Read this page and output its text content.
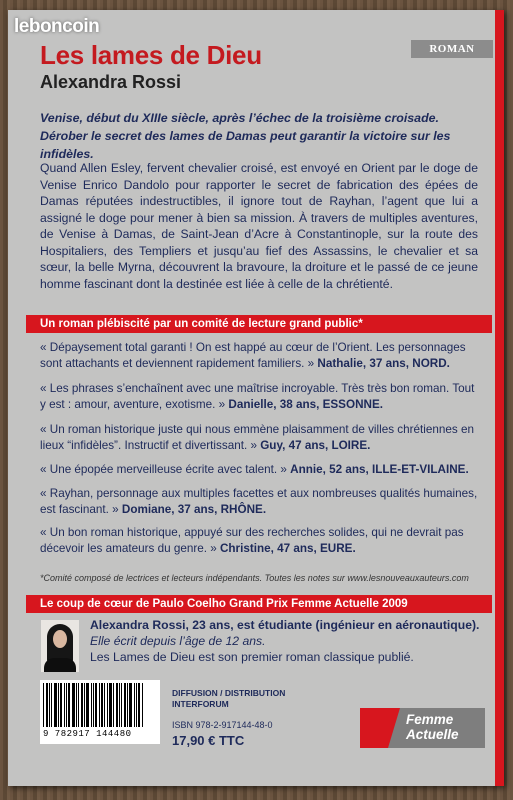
ROMAN
Les lames de Dieu
Alexandra Rossi
Venise, début du XIIIe siècle, après l’échec de la troisième croisade. Dérober le secret des lames de Damas peut garantir la victoire sur les infidèles.
Quand Allen Esley, fervent chevalier croisé, est envoyé en Orient par le doge de Venise Enrico Dandolo pour rapporter le secret de fabrication des épées de Damas réputées indestructibles, il ignore tout de Rayhan, l’agent que lui a assigné le doge pour mener à bien sa mission. À travers de multiples aventures, de Venise à Damas, de Saint-Jean d’Acre à Constantinople, sur la route des Hospitaliers, des Templiers et jusqu’au fief des Assassins, le chevalier et sa sœur, la belle Myrna, découvrent la bravoure, la droiture et le passé de ce jeune homme fascinant dont la destinée est liée à celle de la chrétienté.
Un roman plébiscité par un comité de lecture grand public*
« Dépaysement total garanti ! On est happé au cœur de l’Orient. Les personnages sont attachants et deviennent rapidement familiers. » Nathalie, 37 ans, NORD.
« Les phrases s’enchaînent avec une maîtrise incroyable. Très très bon roman. Tout y est : amour, aventure, exotisme. » Danielle, 38 ans, ESSONNE.
« Un roman historique juste qui nous emmène plaisamment de villes chrétiennes en lieux “infidèles”. Instructif et divertissant. » Guy, 47 ans, LOIRE.
« Une épopée merveilleuse écrite avec talent. » Annie, 52 ans, ILLE-ET-VILAINE.
« Rayhan, personnage aux multiples facettes et aux nombreuses qualités humaines, est fascinant. » Domiane, 37 ans, RHÔNE.
« Un bon roman historique, appuyé sur des recherches solides, qui ne devrait pas décevoir les amateurs du genre. » Christine, 47 ans, EURE.
*Comité composé de lectrices et lecteurs indépendants. Toutes les notes sur www.lesnouveauxauteurs.com
Le coup de cœur de Paulo Coelho Grand Prix Femme Actuelle 2009
Alexandra Rossi, 23 ans, est étudiante (ingénieur en aéronautique).
Elle écrit depuis l’âge de 12 ans.
Les Lames de Dieu est son premier roman classique publié.
9 782917 144480
DIFFUSION / DISTRIBUTION
INTERFORUM
ISBN 978-2-917144-48-0
17,90 € TTC
Femme
Actuelle
leboncoin
